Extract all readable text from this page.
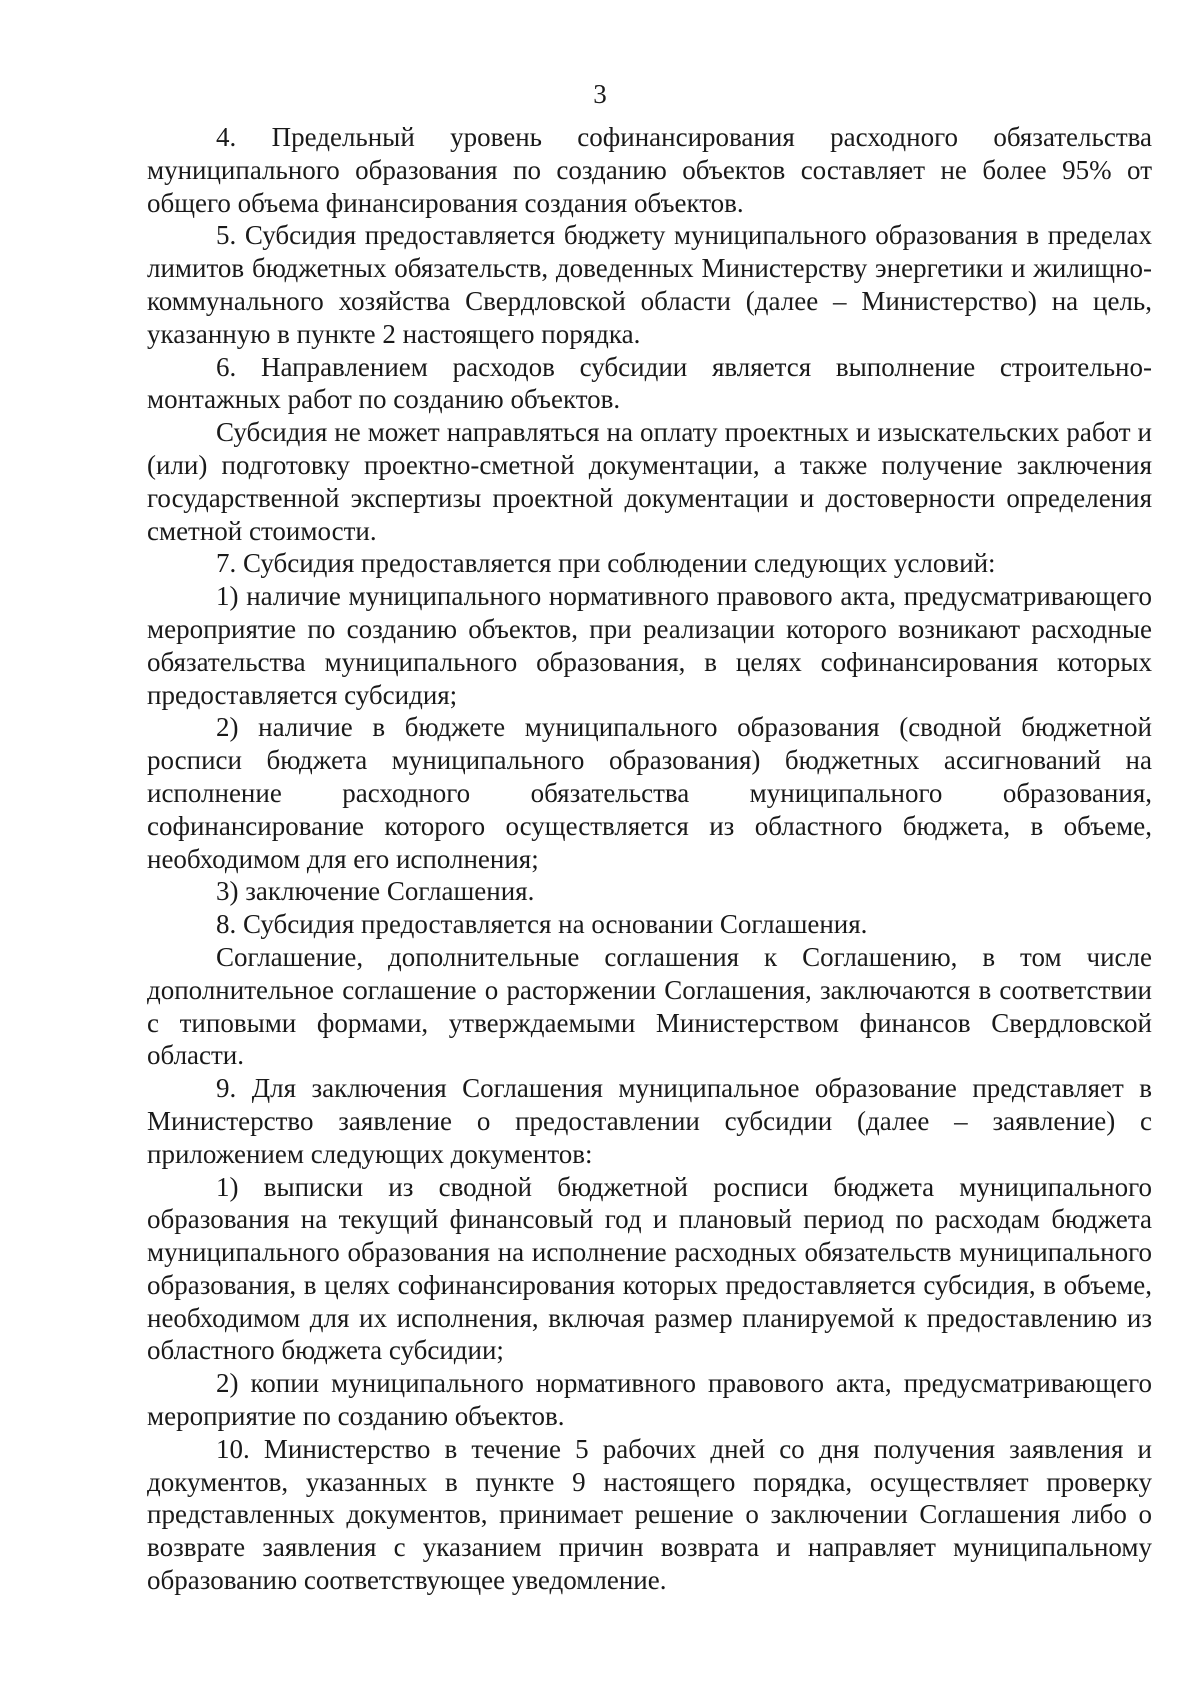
3

4. Предельный уровень софинансирования расходного обязательства муниципального образования по созданию объектов составляет не более 95% от общего объема финансирования создания объектов.

5. Субсидия предоставляется бюджету муниципального образования в пределах лимитов бюджетных обязательств, доведенных Министерству энергетики и жилищно-коммунального хозяйства Свердловской области (далее – Министерство) на цель, указанную в пункте 2 настоящего порядка.

6. Направлением расходов субсидии является выполнение строительно-монтажных работ по созданию объектов.

Субсидия не может направляться на оплату проектных и изыскательских работ и (или) подготовку проектно-сметной документации, а также получение заключения государственной экспертизы проектной документации и достоверности определения сметной стоимости.

7. Субсидия предоставляется при соблюдении следующих условий:

1) наличие муниципального нормативного правового акта, предусматривающего мероприятие по созданию объектов, при реализации которого возникают расходные обязательства муниципального образования, в целях софинансирования которых предоставляется субсидия;

2) наличие в бюджете муниципального образования (сводной бюджетной росписи бюджета муниципального образования) бюджетных ассигнований на исполнение расходного обязательства муниципального образования, софинансирование которого осуществляется из областного бюджета, в объеме, необходимом для его исполнения;

3) заключение Соглашения.

8. Субсидия предоставляется на основании Соглашения.

Соглашение, дополнительные соглашения к Соглашению, в том числе дополнительное соглашение о расторжении Соглашения, заключаются в соответствии с типовыми формами, утверждаемыми Министерством финансов Свердловской области.

9. Для заключения Соглашения муниципальное образование представляет в Министерство заявление о предоставлении субсидии (далее – заявление) с приложением следующих документов:

1) выписки из сводной бюджетной росписи бюджета муниципального образования на текущий финансовый год и плановый период по расходам бюджета муниципального образования на исполнение расходных обязательств муниципального образования, в целях софинансирования которых предоставляется субсидия, в объеме, необходимом для их исполнения, включая размер планируемой к предоставлению из областного бюджета субсидии;

2) копии муниципального нормативного правового акта, предусматривающего мероприятие по созданию объектов.

10. Министерство в течение 5 рабочих дней со дня получения заявления и документов, указанных в пункте 9 настоящего порядка, осуществляет проверку представленных документов, принимает решение о заключении Соглашения либо о возврате заявления с указанием причин возврата и направляет муниципальному образованию соответствующее уведомление.
